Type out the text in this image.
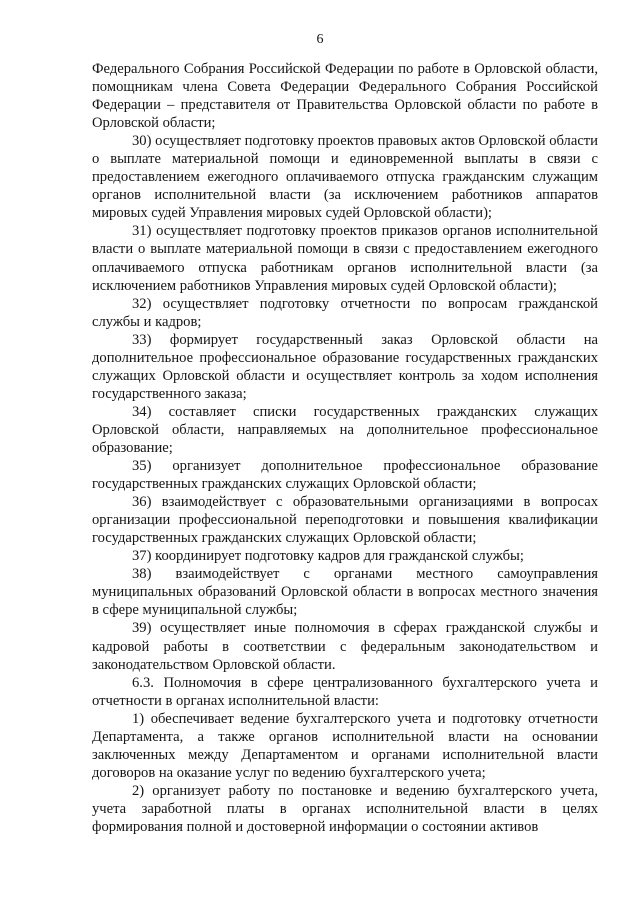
6

Федерального Собрания Российской Федерации по работе в Орловской области, помощникам члена Совета Федерации Федерального Собрания Российской Федерации – представителя от Правительства Орловской области по работе в Орловской области;

30) осуществляет подготовку проектов правовых актов Орловской области о выплате материальной помощи и единовременной выплаты в связи с предоставлением ежегодного оплачиваемого отпуска гражданским служащим органов исполнительной власти (за исключением работников аппаратов мировых судей Управления мировых судей Орловской области);

31) осуществляет подготовку проектов приказов органов исполнительной власти о выплате материальной помощи в связи с предоставлением ежегодного оплачиваемого отпуска работникам органов исполнительной власти (за исключением работников Управления мировых судей Орловской области);

32) осуществляет подготовку отчетности по вопросам гражданской службы и кадров;

33) формирует государственный заказ Орловской области на дополнительное профессиональное образование государственных гражданских служащих Орловской области и осуществляет контроль за ходом исполнения государственного заказа;

34) составляет списки государственных гражданских служащих Орловской области, направляемых на дополнительное профессиональное образование;

35) организует дополнительное профессиональное образование государственных гражданских служащих Орловской области;

36) взаимодействует с образовательными организациями в вопросах организации профессиональной переподготовки и повышения квалификации государственных гражданских служащих Орловской области;

37) координирует подготовку кадров для гражданской службы;

38) взаимодействует с органами местного самоуправления муниципальных образований Орловской области в вопросах местного значения в сфере муниципальной службы;

39) осуществляет иные полномочия в сферах гражданской службы и кадровой работы в соответствии с федеральным законодательством и законодательством Орловской области.

6.3. Полномочия в сфере централизованного бухгалтерского учета и отчетности в органах исполнительной власти:

1) обеспечивает ведение бухгалтерского учета и подготовку отчетности Департамента, а также органов исполнительной власти на основании заключенных между Департаментом и органами исполнительной власти договоров на оказание услуг по ведению бухгалтерского учета;

2) организует работу по постановке и ведению бухгалтерского учета, учета заработной платы в органах исполнительной власти в целях формирования полной и достоверной информации о состоянии активов
